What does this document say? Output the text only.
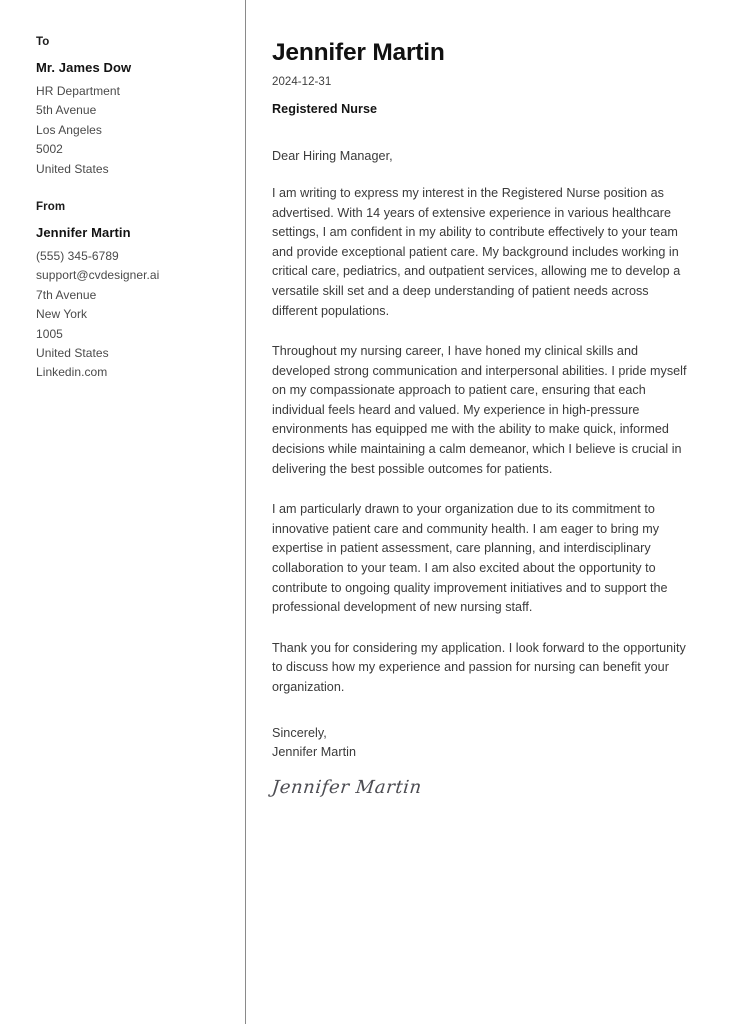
To
Mr. James Dow
HR Department
5th Avenue
Los Angeles
5002
United States
From
Jennifer Martin
(555) 345-6789
support@cvdesigner.ai
7th Avenue
New York
1005
United States
Linkedin.com
Jennifer Martin
2024-12-31
Registered Nurse
Dear Hiring Manager,
I am writing to express my interest in the Registered Nurse position as advertised. With 14 years of extensive experience in various healthcare settings, I am confident in my ability to contribute effectively to your team and provide exceptional patient care. My background includes working in critical care, pediatrics, and outpatient services, allowing me to develop a versatile skill set and a deep understanding of patient needs across different populations.
Throughout my nursing career, I have honed my clinical skills and developed strong communication and interpersonal abilities. I pride myself on my compassionate approach to patient care, ensuring that each individual feels heard and valued. My experience in high-pressure environments has equipped me with the ability to make quick, informed decisions while maintaining a calm demeanor, which I believe is crucial in delivering the best possible outcomes for patients.
I am particularly drawn to your organization due to its commitment to innovative patient care and community health. I am eager to bring my expertise in patient assessment, care planning, and interdisciplinary collaboration to your team. I am also excited about the opportunity to contribute to ongoing quality improvement initiatives and to support the professional development of new nursing staff.
Thank you for considering my application. I look forward to the opportunity to discuss how my experience and passion for nursing can benefit your organization.
Sincerely,
Jennifer Martin
Jennifer Martin
